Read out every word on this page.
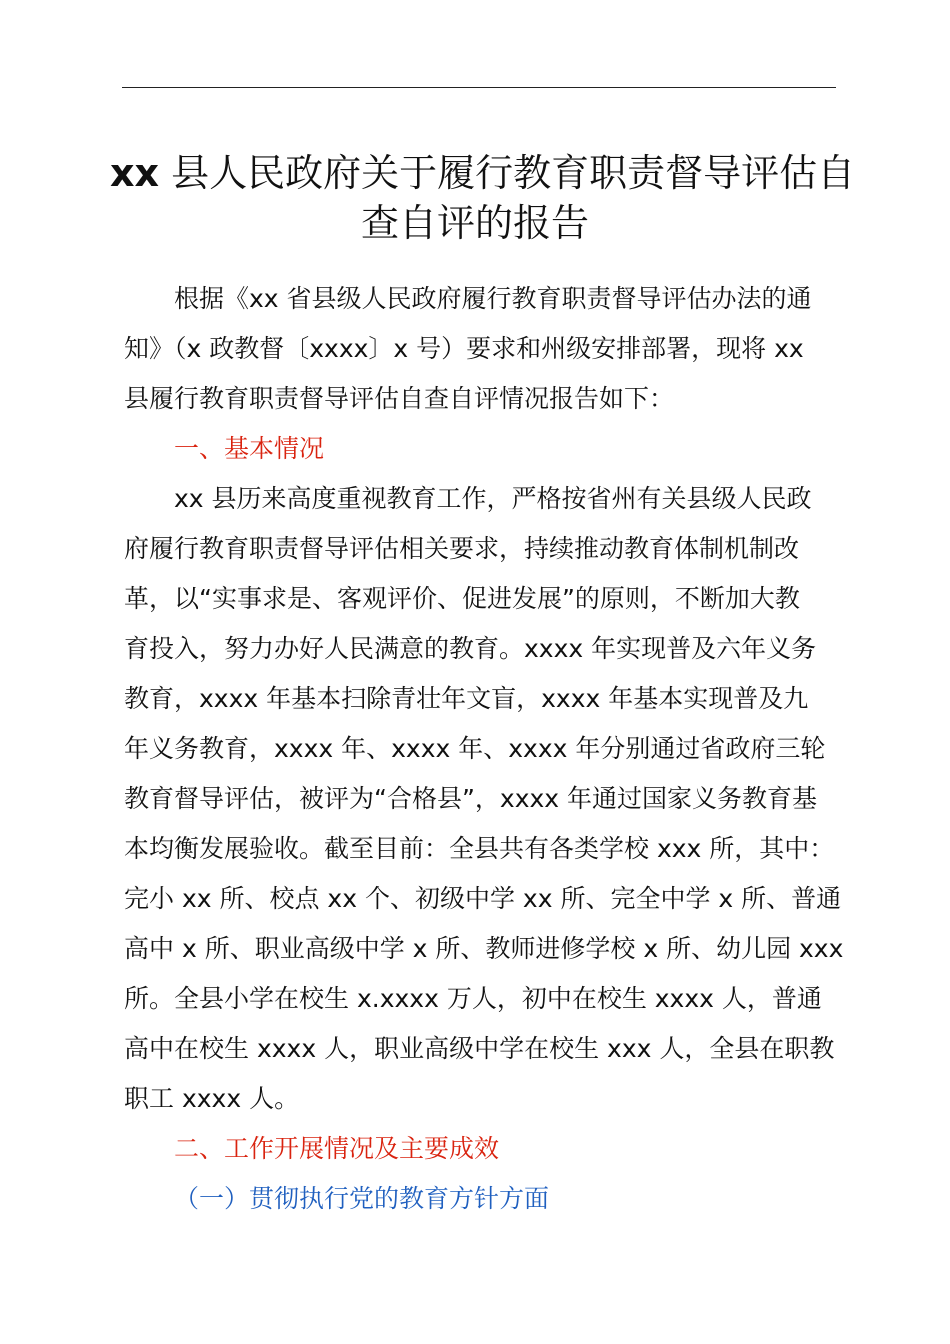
xx 县人民政府关于履行教育职责督导评估自
查自评的报告

根据《xx 省县级人民政府履行教育职责督导评估办法的通
知》（x 政教督〔xxxx〕x 号）要求和州级安排部署，现将 xx
县履行教育职责督导评估自查自评情况报告如下：

一、基本情况

xx 县历来高度重视教育工作，严格按省州有关县级人民政
府履行教育职责督导评估相关要求，持续推动教育体制机制改
革，以“实事求是、客观评价、促进发展”的原则，不断加大教
育投入，努力办好人民满意的教育。xxxx 年实现普及六年义务
教育，xxxx 年基本扫除青壮年文盲，xxxx 年基本实现普及九
年义务教育，xxxx 年、xxxx 年、xxxx 年分别通过省政府三轮
教育督导评估，被评为“合格县”，xxxx 年通过国家义务教育基
本均衡发展验收。截至目前：全县共有各类学校 xxx 所，其中：
完小 xx 所、校点 xx 个、初级中学 xx 所、完全中学 x 所、普通
高中 x 所、职业高级中学 x 所、教师进修学校 x 所、幼儿园 xxx
所。全县小学在校生 x.xxxx 万人，初中在校生 xxxx 人，普通
高中在校生 xxxx 人，职业高级中学在校生 xxx 人，全县在职教
职工 xxxx 人。

二、工作开展情况及主要成效
（一）贯彻执行党的教育方针方面
